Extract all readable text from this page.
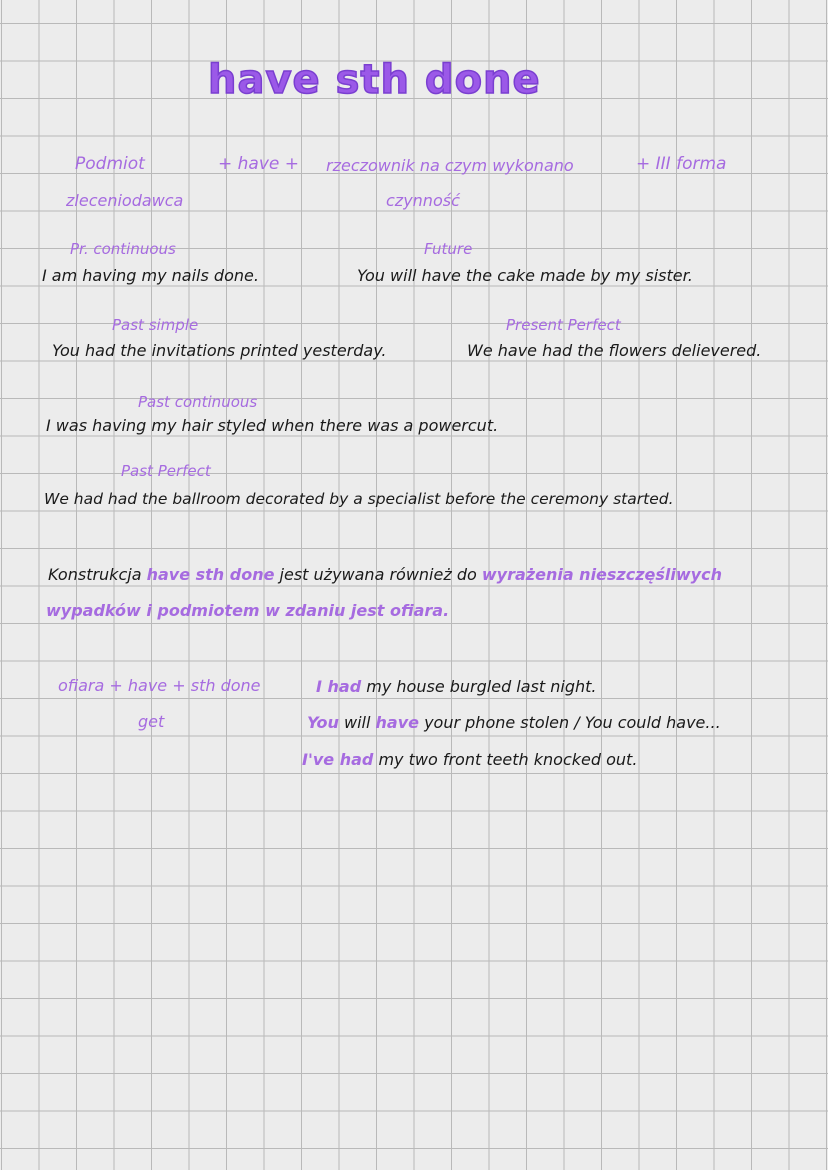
have sth done
Podmiot	+ have + rzeczownik na czym wykonano	+ III forma
zleceniodawca	czynność
Pr. continuous
I am having my nails done.
Future
You will have the cake made by my sister.
Past simple
You had the invitations printed yesterday.
Present Perfect
We have had the flowers delievered.
Past continuous
I was having my hair styled when there was a powercut.
Past Perfect
We had had the ballroom decorated by a specialist before the ceremony started.
Konstrukcja have sth done jest używana również do wyrażenia nieszczęśliwych
wypadków i podmiotem w zdaniu jest ofiara.
ofiara + have + sth done
get
I had my house burgled last night.
You will have your phone stolen / You could have...
I've had my two front teeth knocked out.
